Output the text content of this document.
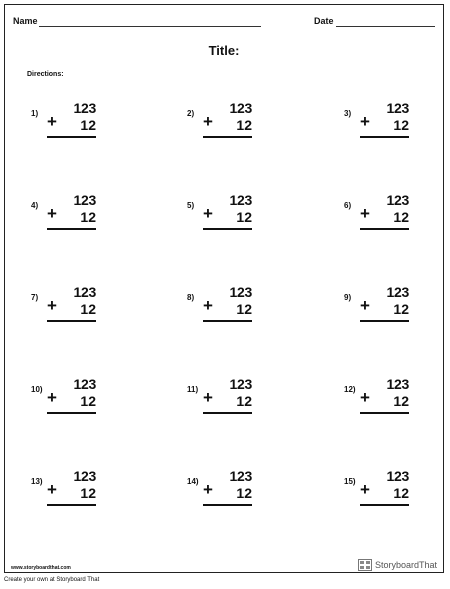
Name	Date
Title:
Directions:
1)	123
+ 12
2)	123
+ 12
3)	123
+ 12
4)	123
+ 12
5)	123
+ 12
6)	123
+ 12
7)	123
+ 12
8)	123
+ 12
9)	123
+ 12
10) 123
+ 12
11) 123
+ 12
12) 123
+ 12
13) 123
+ 12
14) 123
+ 12
15) 123
+ 12
www.storyboardthat.com	StoryboardThat
Create your own at Storyboard That
